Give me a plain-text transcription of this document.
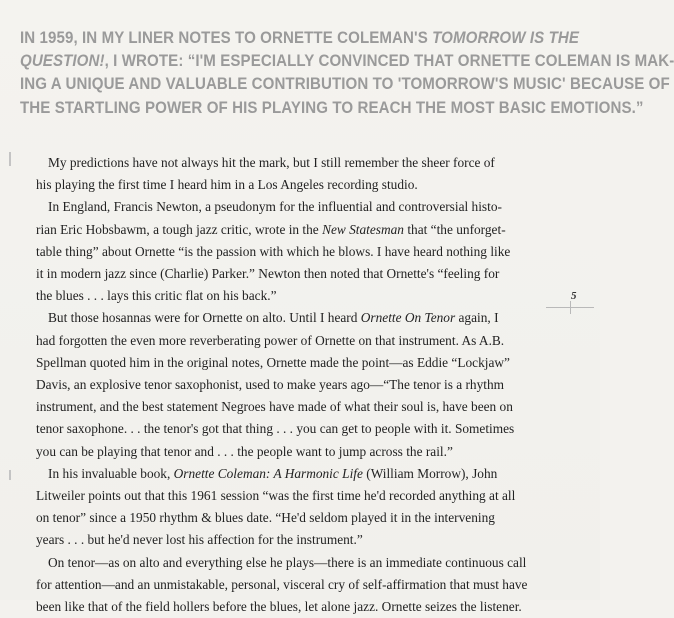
IN 1959, IN MY LINER NOTES TO ORNETTE COLEMAN'S TOMORROW IS THE
QUESTION!, I WROTE: “I'M ESPECIALLY CONVINCED THAT ORNETTE COLEMAN IS MAK-
ING A UNIQUE AND VALUABLE CONTRIBUTION TO 'TOMORROW'S MUSIC' BECAUSE OF
THE STARTLING POWER OF HIS PLAYING TO REACH THE MOST BASIC EMOTIONS.”
My predictions have not always hit the mark, but I still remember the sheer force of
his playing the first time I heard him in a Los Angeles recording studio.
In England, Francis Newton, a pseudonym for the influential and controversial histo-
rian Eric Hobsbawm, a tough jazz critic, wrote in the New Statesman that “the unforget-
table thing” about Ornette “is the passion with which he blows. I have heard nothing like
it in modern jazz since (Charlie) Parker.” Newton then noted that Ornette's “feeling for
the blues . . . lays this critic flat on his back.”
But those hosannas were for Ornette on alto. Until I heard Ornette On Tenor again, I
had forgotten the even more reverberating power of Ornette on that instrument. As A.B.
Spellman quoted him in the original notes, Ornette made the point—as Eddie “Lockjaw”
Davis, an explosive tenor saxophonist, used to make years ago—“The tenor is a rhythm
instrument, and the best statement Negroes have made of what their soul is, have been on
tenor saxophone. . . the tenor's got that thing . . . you can get to people with it. Sometimes
you can be playing that tenor and . . . the people want to jump across the rail.”
In his invaluable book, Ornette Coleman: A Harmonic Life (William Morrow), John
Litweiler points out that this 1961 session “was the first time he'd recorded anything at all
on tenor” since a 1950 rhythm & blues date. “He'd seldom played it in the intervening
years . . . but he'd never lost his affection for the instrument.”
On tenor—as on alto and everything else he plays—there is an immediate continuous call
for attention—and an unmistakable, personal, visceral cry of self-affirmation that must have
been like that of the field hollers before the blues, let alone jazz. Ornette seizes the listener.
5
